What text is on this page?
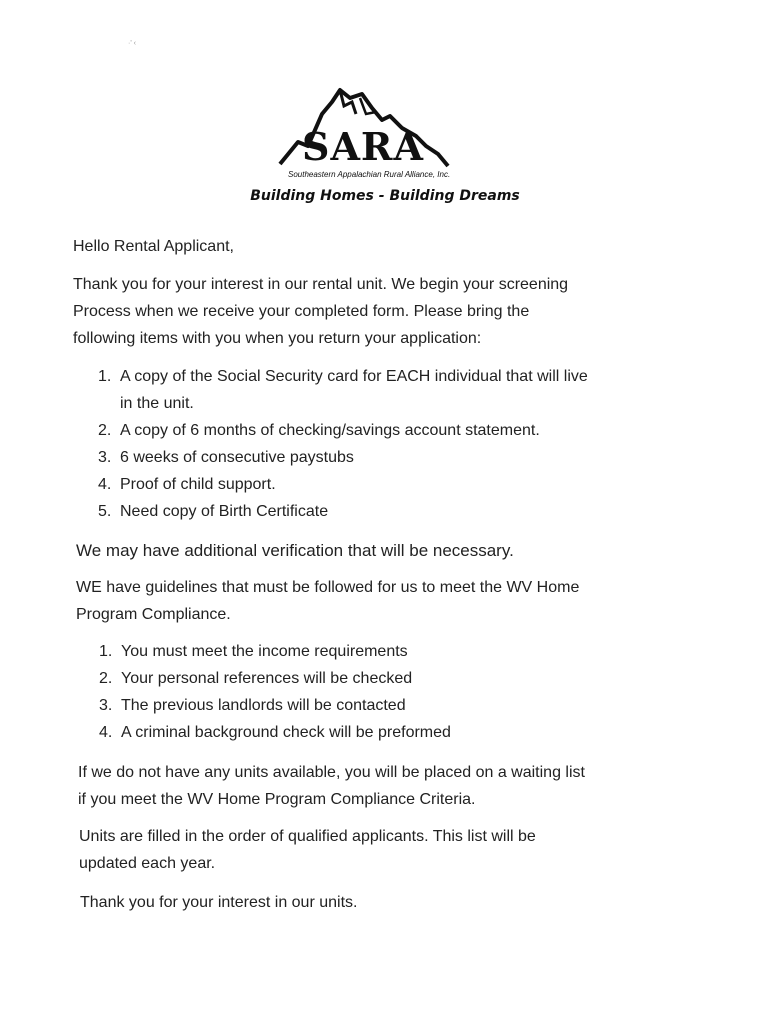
·' ‹
SARA
Southeastern Appalachian Rural Alliance, Inc.
Building Homes - Building Dreams

Hello Rental Applicant,

Thank you for your interest in our rental unit. We begin your screening

Process when we receive your completed form. Please bring the

following items with you when you return your application:

1. A copy of the Social Security card for EACH individual that will live
in the unit.
2. A copy of 6 months of checking/savings account statement.
3. 6 weeks of consecutive paystubs
4. Proof of child support.
5. Need copy of Birth Certificate

We may have additional verification that will be necessary.

WE have guidelines that must be followed for us to meet the WV Home

Program Compliance.

1. You must meet the income requirements
2. Your personal references will be checked
3. The previous landlords will be contacted
4. A criminal background check will be preformed

If we do not have any units available, you will be placed on a waiting list

if you meet the WV Home Program Compliance Criteria.

Units are filled in the order of qualified applicants. This list will be

updated each year.

Thank you for your interest in our units.
